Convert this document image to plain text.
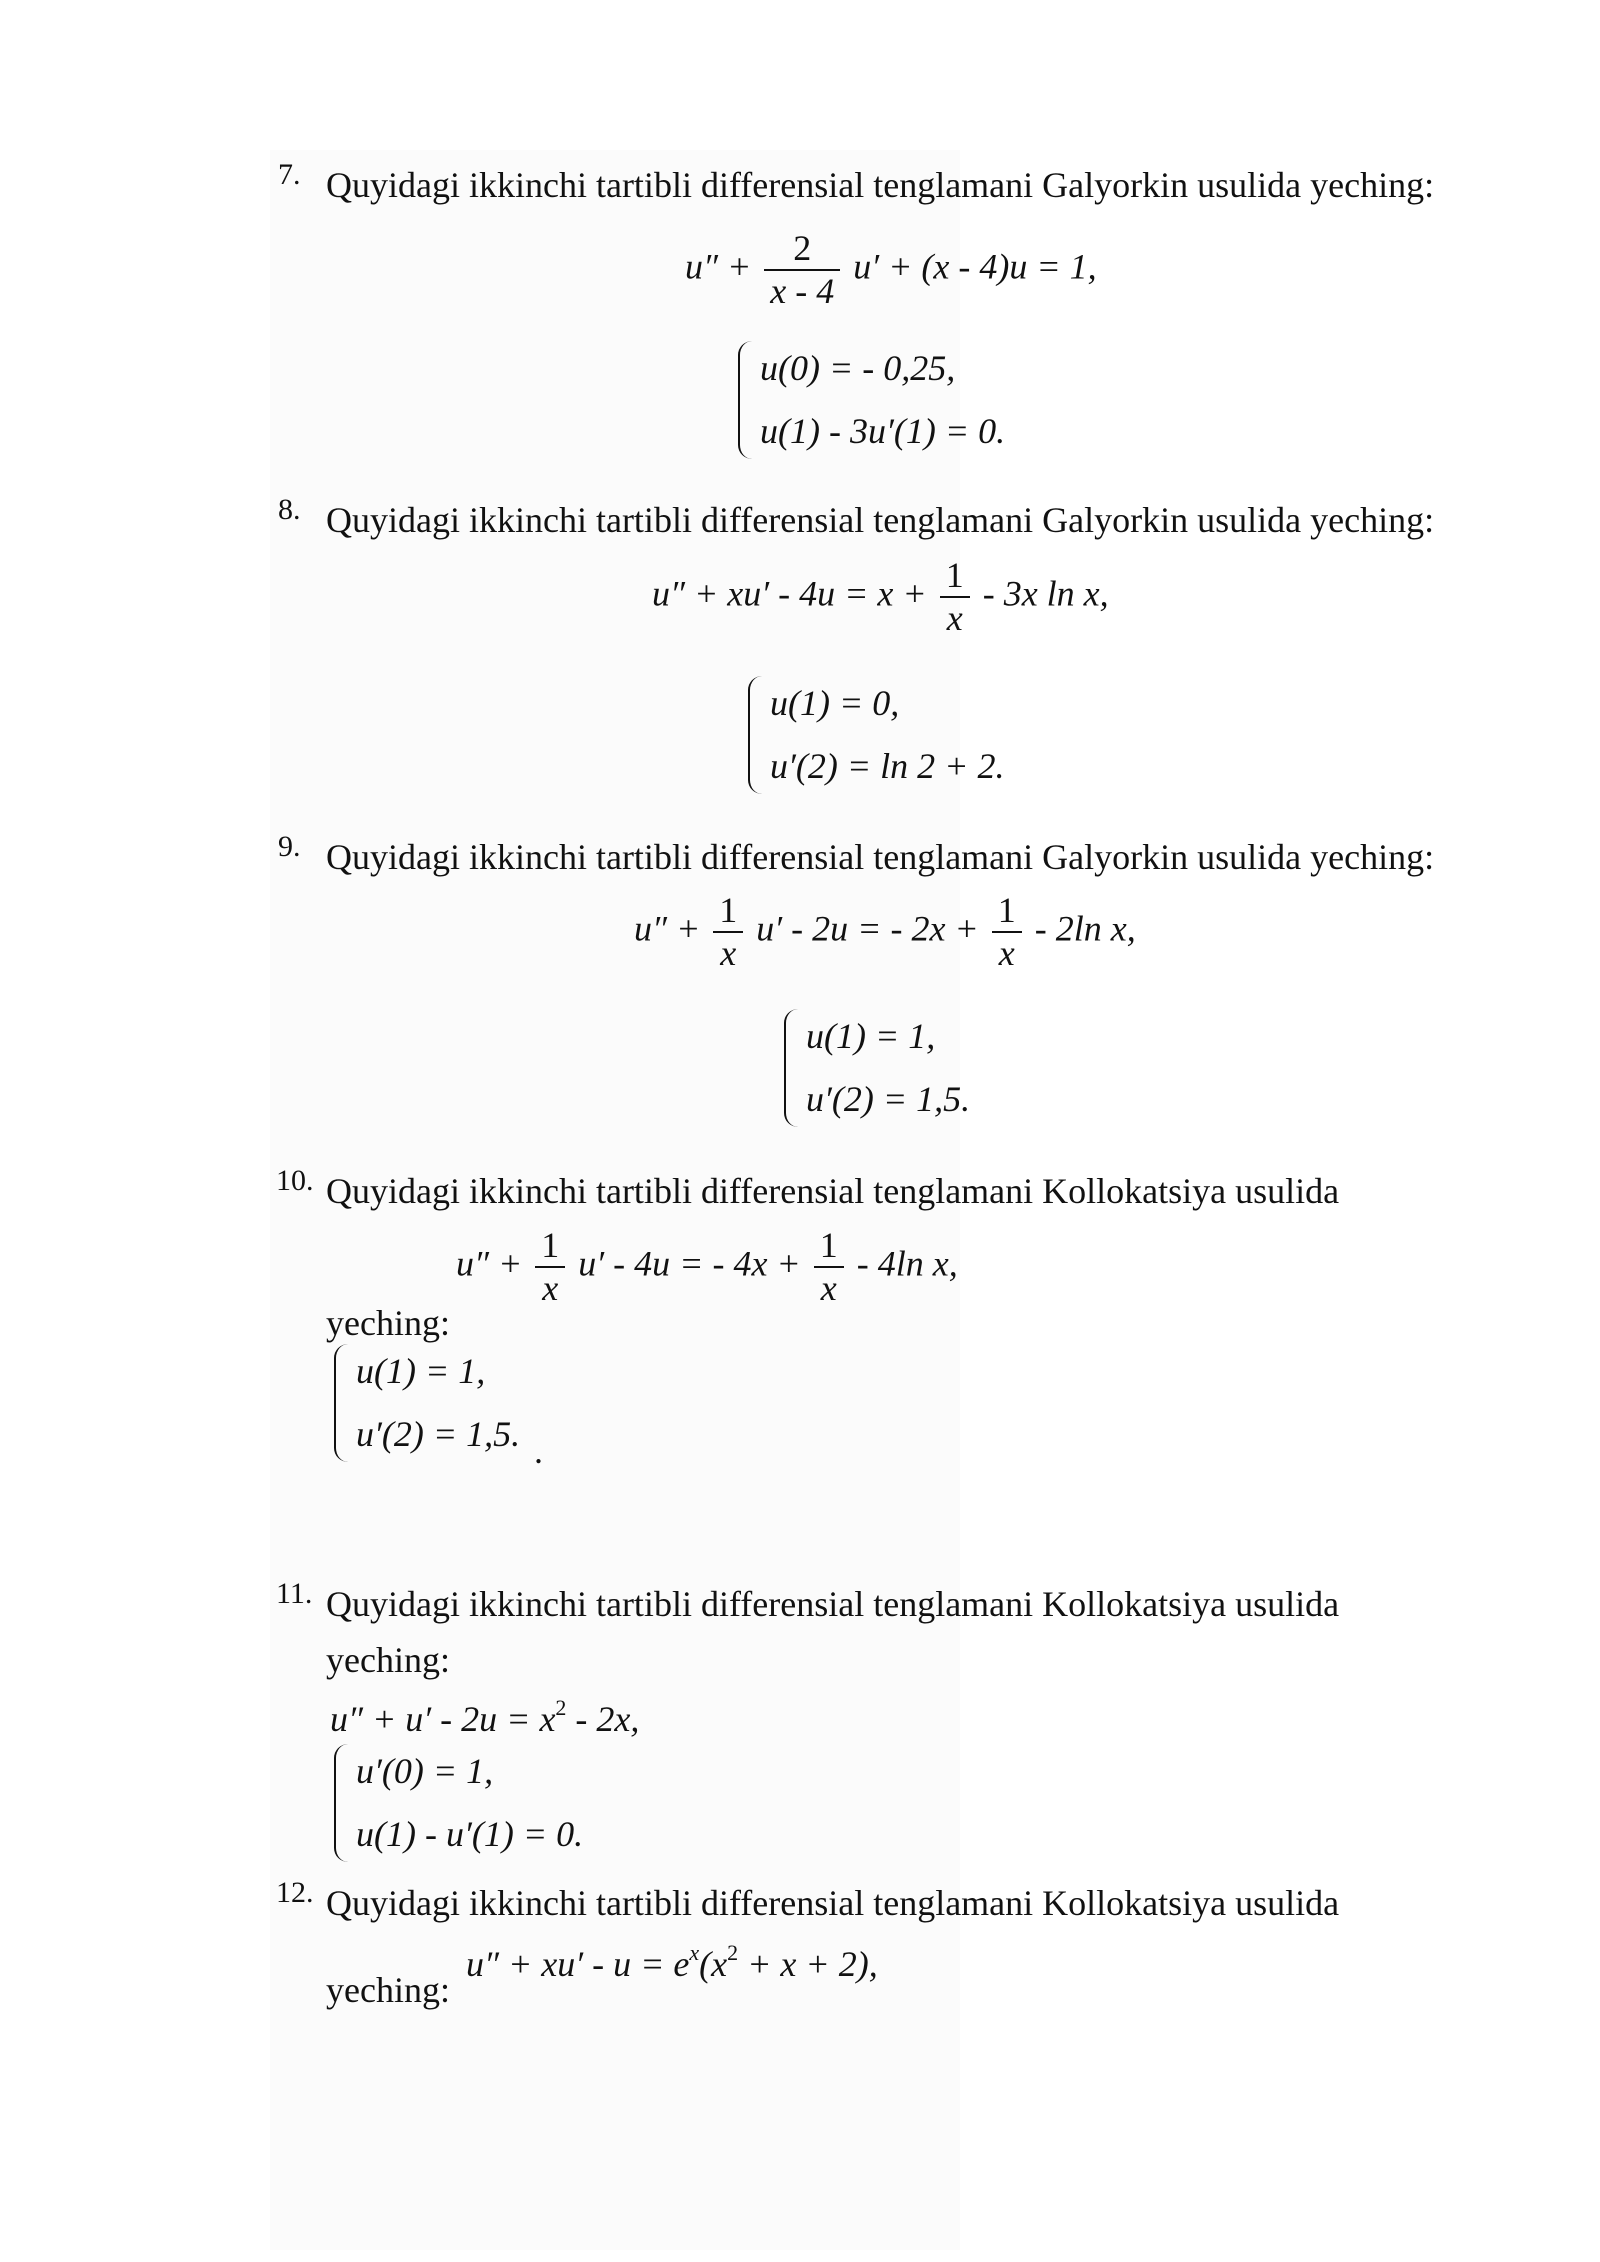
7. Quyidagi ikkinchi tartibli differensial tenglamani Galyorkin usulida yeching:
$u'' + \frac{2}{x - 4} u' + (x - 4)u = 1$,
u(0) = - 0,25,
u(1) - 3u′(1) = 0.
8. Quyidagi ikkinchi tartibli differensial tenglamani Galyorkin usulida yeching:
$u'' + xu' - 4u = x + \frac{1}{x} - 3x$ ln x,
u(1) = 0,
u′(2) = ln 2 + 2.
9. Quyidagi ikkinchi tartibli differensial tenglamani Galyorkin usulida yeching:
$u'' + \frac{1}{x} u' - 2u$ = - $2x + \frac{1}{x} - 2\ln$ x,
u(1) = 1,
u′(2) = 1,5.
10. Quyidagi ikkinchi tartibli differensial tenglamani Kollokatsiya usulida
$u'' + \frac{1}{x} u' - 4u$ = - $4x + \frac{1}{x} - 4\ln$ x,
yeching:
u(1) = 1,
u′(2) = 1,5. .
11. Quyidagi ikkinchi tartibli differensial tenglamani Kollokatsiya usulida
yeching:
$u'' + u' - 2u = x^2 - 2x$,
u′(0) = 1,
u(1) - u′(1) = 0.
12. Quyidagi ikkinchi tartibli differensial tenglamani Kollokatsiya usulida
$u'' + xu' - u = e^x(x^2 + x + 2)$,
yeching:
